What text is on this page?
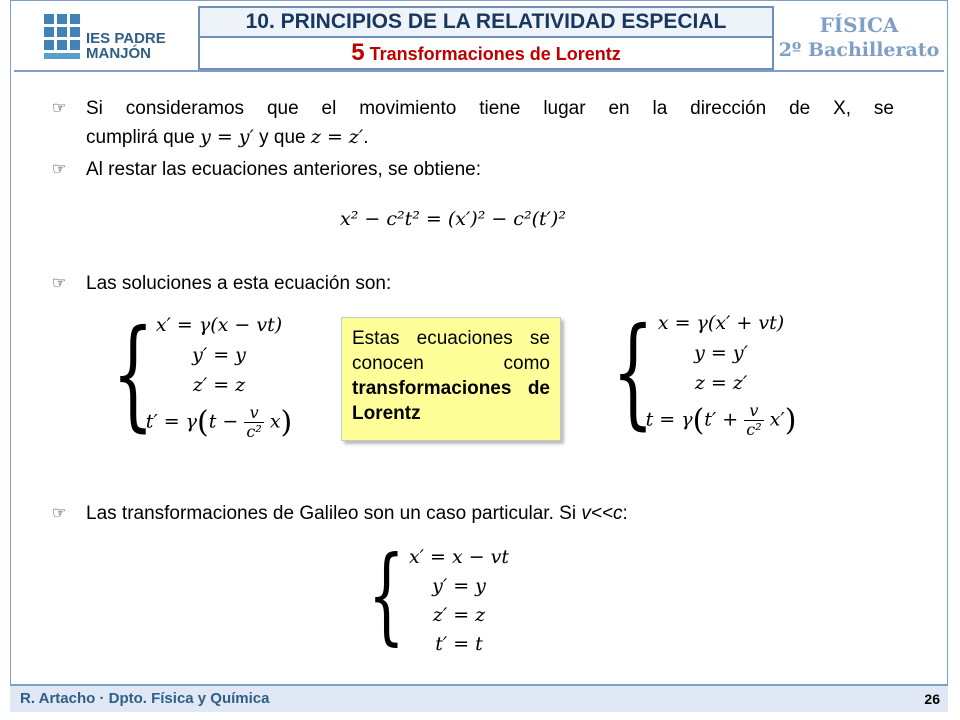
IES PADRE
MANJÓN
10. PRINCIPIOS DE LA RELATIVIDAD ESPECIAL
5 Transformaciones de Lorentz
FÍSICA
2º Bachillerato
☞ Si consideramos que el movimiento tiene lugar en la dirección de X, se
cumplirá que y = y′ y que z = z′.
☞ Al restar las ecuaciones anteriores, se obtiene:
x² − c²t² = (x′)² − c²(t′)²
☞ Las soluciones a esta ecuación son:
{ x′ = γ(x − vt)
y′ = y
z′ = z
$t' = \gamma(t - \frac{v}{\text{c²}} x)$
Estas ecuaciones se conocen como transformaciones de Lorentz	{ x = γ(x′ + vt)
y = y′
z = z′
$t = \gamma(t' + \frac{v}{\text{c²}} x')$
☞ Las transformaciones de Galileo son un caso particular. Si v<<c:
{ x′ = x − vt
y′ = y
z′ = z
t′ = t
R. Artacho · Dpto. Física y Química	26
